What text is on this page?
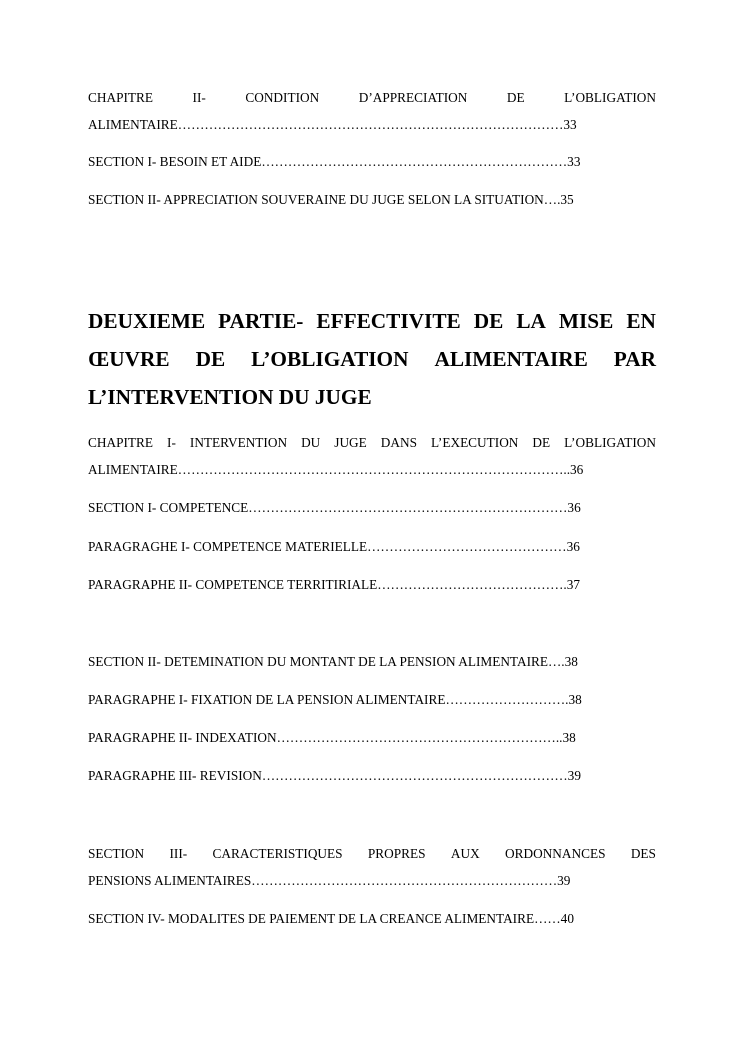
CHAPITRE	II-	CONDITION	D’APPRECIATION	DE	L’OBLIGATION
ALIMENTAIRE……………………………………………………………………………33
SECTION I- BESOIN ET AIDE……………………………………………………………33
SECTION II- APPRECIATION SOUVERAINE DU JUGE SELON LA SITUATION….35
DEUXIEME PARTIE- EFFECTIVITE DE LA MISE EN
ŒUVRE DE L’OBLIGATION ALIMENTAIRE PAR
L’INTERVENTION DU JUGE
CHAPITRE I- INTERVENTION DU JUGE DANS L’EXECUTION DE L’OBLIGATION
ALIMENTAIRE……………………………………………………………………………..36
SECTION I- COMPETENCE………………………………………………………………36
PARAGRAGHE I- COMPETENCE MATERIELLE………………………………………36
PARAGRAPHE II- COMPETENCE TERRITIRIALE…………………………………….37
SECTION II- DETEMINATION DU MONTANT DE LA PENSION ALIMENTAIRE….38
PARAGRAPHE I- FIXATION DE LA PENSION ALIMENTAIRE……………………….38
PARAGRAPHE II- INDEXATION………………………………………………………..38
PARAGRAPHE III- REVISION……………………………………………………………39
SECTION III- CARACTERISTIQUES PROPRES AUX ORDONNANCES DES
PENSIONS ALIMENTAIRES……………………………………………………………39
SECTION IV- MODALITES DE PAIEMENT DE LA CREANCE ALIMENTAIRE……40
